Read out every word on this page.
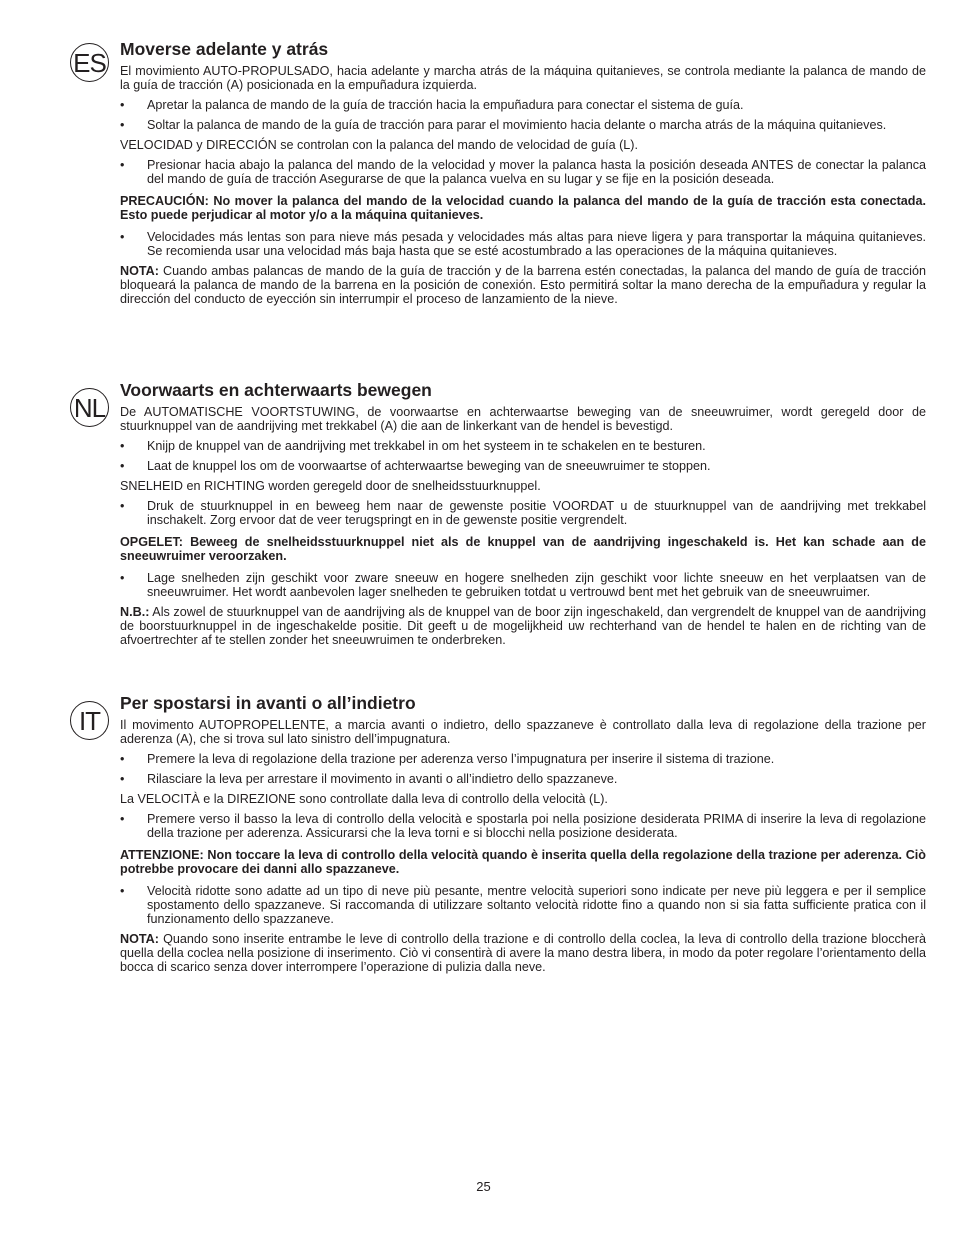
ES Moverse adelante y atrás

El movimiento AUTO-PROPULSADO, hacia adelante y marcha atrás de la máquina quitanieves, se controla mediante la palanca de mando de la guía de tracción (A) posicionada en la empuñadura izquierda.

• Apretar la palanca de mando de la guía de tracción hacia la empuñadura para conectar el sistema de guía.
• Soltar la palanca de mando de la guía de tracción para parar el movimiento hacia delante o marcha atrás de la máquina quitanieves.

VELOCIDAD y DIRECCIÓN se controlan con la palanca del mando de velocidad de guía (L).

• Presionar hacia abajo la palanca del mando de la velocidad y mover la palanca hasta la posición deseada ANTES de conectar la palanca del mando de guía de tracción Asegurarse de que la palanca vuelva en su lugar y se fije en la posición deseada.

PRECAUCIÓN: No mover la palanca del mando de la velocidad cuando la palanca del mando de la guía de tracción esta conectada. Esto puede perjudicar al motor y/o a la máquina quitanieves.

• Velocidades más lentas son para nieve más pesada y velocidades más altas para nieve ligera y para transportar la máquina quitanieves. Se recomienda usar una velocidad más baja hasta que se esté acostumbrado a las operaciones de la máquina quitanieves.

NOTA: Cuando ambas palancas de mando de la guía de tracción y de la barrena estén conectadas, la palanca del mando de guía de tracción bloqueará la palanca de mando de la barrena en la posición de conexión. Esto permitirá soltar la mano derecha de la empuñadura y regular la dirección del conducto de eyección sin interrumpir el proceso de lanzamiento de la nieve.

NL
Voorwaarts en achterwaarts bewegen

De AUTOMATISCHE VOORTSTUWING, de voorwaartse en achterwaartse beweging van de sneeuwruimer, wordt geregeld door de stuurknuppel van de aandrijving met trekkabel (A) die aan de linkerkant van de hendel is bevestigd.

• Knijp de knuppel van de aandrijving met trekkabel in om het systeem in te schakelen en te besturen.
• Laat de knuppel los om de voorwaartse of achterwaartse beweging van de sneeuwruimer te stoppen.

SNELHEID en RICHTING worden geregeld door de snelheidsstuurknuppel.

• Druk de stuurknuppel in en beweeg hem naar de gewenste positie VOORDAT u de stuurknuppel van de aandrijving met trekkabel inschakelt. Zorg ervoor dat de veer terugspringt en in de gewenste positie vergrendelt.

OPGELET: Beweeg de snelheidsstuurknuppel niet als de knuppel van de aandrijving ingeschakeld is. Het kan schade aan de sneeuwruimer veroorzaken.

• Lage snelheden zijn geschikt voor zware sneeuw en hogere snelheden zijn geschikt voor lichte sneeuw en het verplaatsen van de sneeuwruimer. Het wordt aanbevolen lager snelheden te gebruiken totdat u vertrouwd bent met het gebruik van de sneeuwruimer.

N.B.: Als zowel de stuurknuppel van de aandrijving als de knuppel van de boor zijn ingeschakeld, dan vergrendelt de knuppel van de aandrijving de boorstuurknuppel in de ingeschakelde positie. Dit geeft u de mogelijkheid uw rechterhand van de hendel te halen en de richting van de afvoertrechter af te stellen zonder het sneeuwruimen te onderbreken.

IT
Per spostarsi in avanti o all’indietro

Il movimento AUTOPROPELLENTE, a marcia avanti o indietro, dello spazzaneve è controllato dalla leva di regolazione della trazione per aderenza (A), che si trova sul lato sinistro dell’impugnatura.

• Premere la leva di regolazione della trazione per aderenza verso l’impugnatura per inserire il sistema di trazione.
• Rilasciare la leva per arrestare il movimento in avanti o all’indietro dello spazzaneve.

La VELOCITÀ e la DIREZIONE sono controllate dalla leva di controllo della velocità (L).

• Premere verso il basso la leva di controllo della velocità e spostarla poi nella posizione desiderata PRIMA di inserire la leva di regolazione della trazione per aderenza. Assicurarsi che la leva torni e si blocchi nella posizione desiderata.

ATTENZIONE: Non toccare la leva di controllo della velocità quando è inserita quella della regolazione della trazione per aderenza. Ciò potrebbe provocare dei danni allo spazzaneve.

• Velocità ridotte sono adatte ad un tipo di neve più pesante, mentre velocità superiori sono indicate per neve più leggera e per il semplice spostamento dello spazzaneve. Si raccomanda di utilizzare soltanto velocità ridotte fino a quando non si sia fatta sufficiente pratica con il funzionamento dello spazzaneve.

NOTA: Quando sono inserite entrambe le leve di controllo della trazione e di controllo della coclea, la leva di controllo della trazione bloccherà quella della coclea nella posizione di inserimento. Ciò vi consentirà di avere la mano destra libera, in modo da poter regolare l’orientamento della bocca di scarico senza dover interrompere l’operazione di pulizia dalla neve.

25
